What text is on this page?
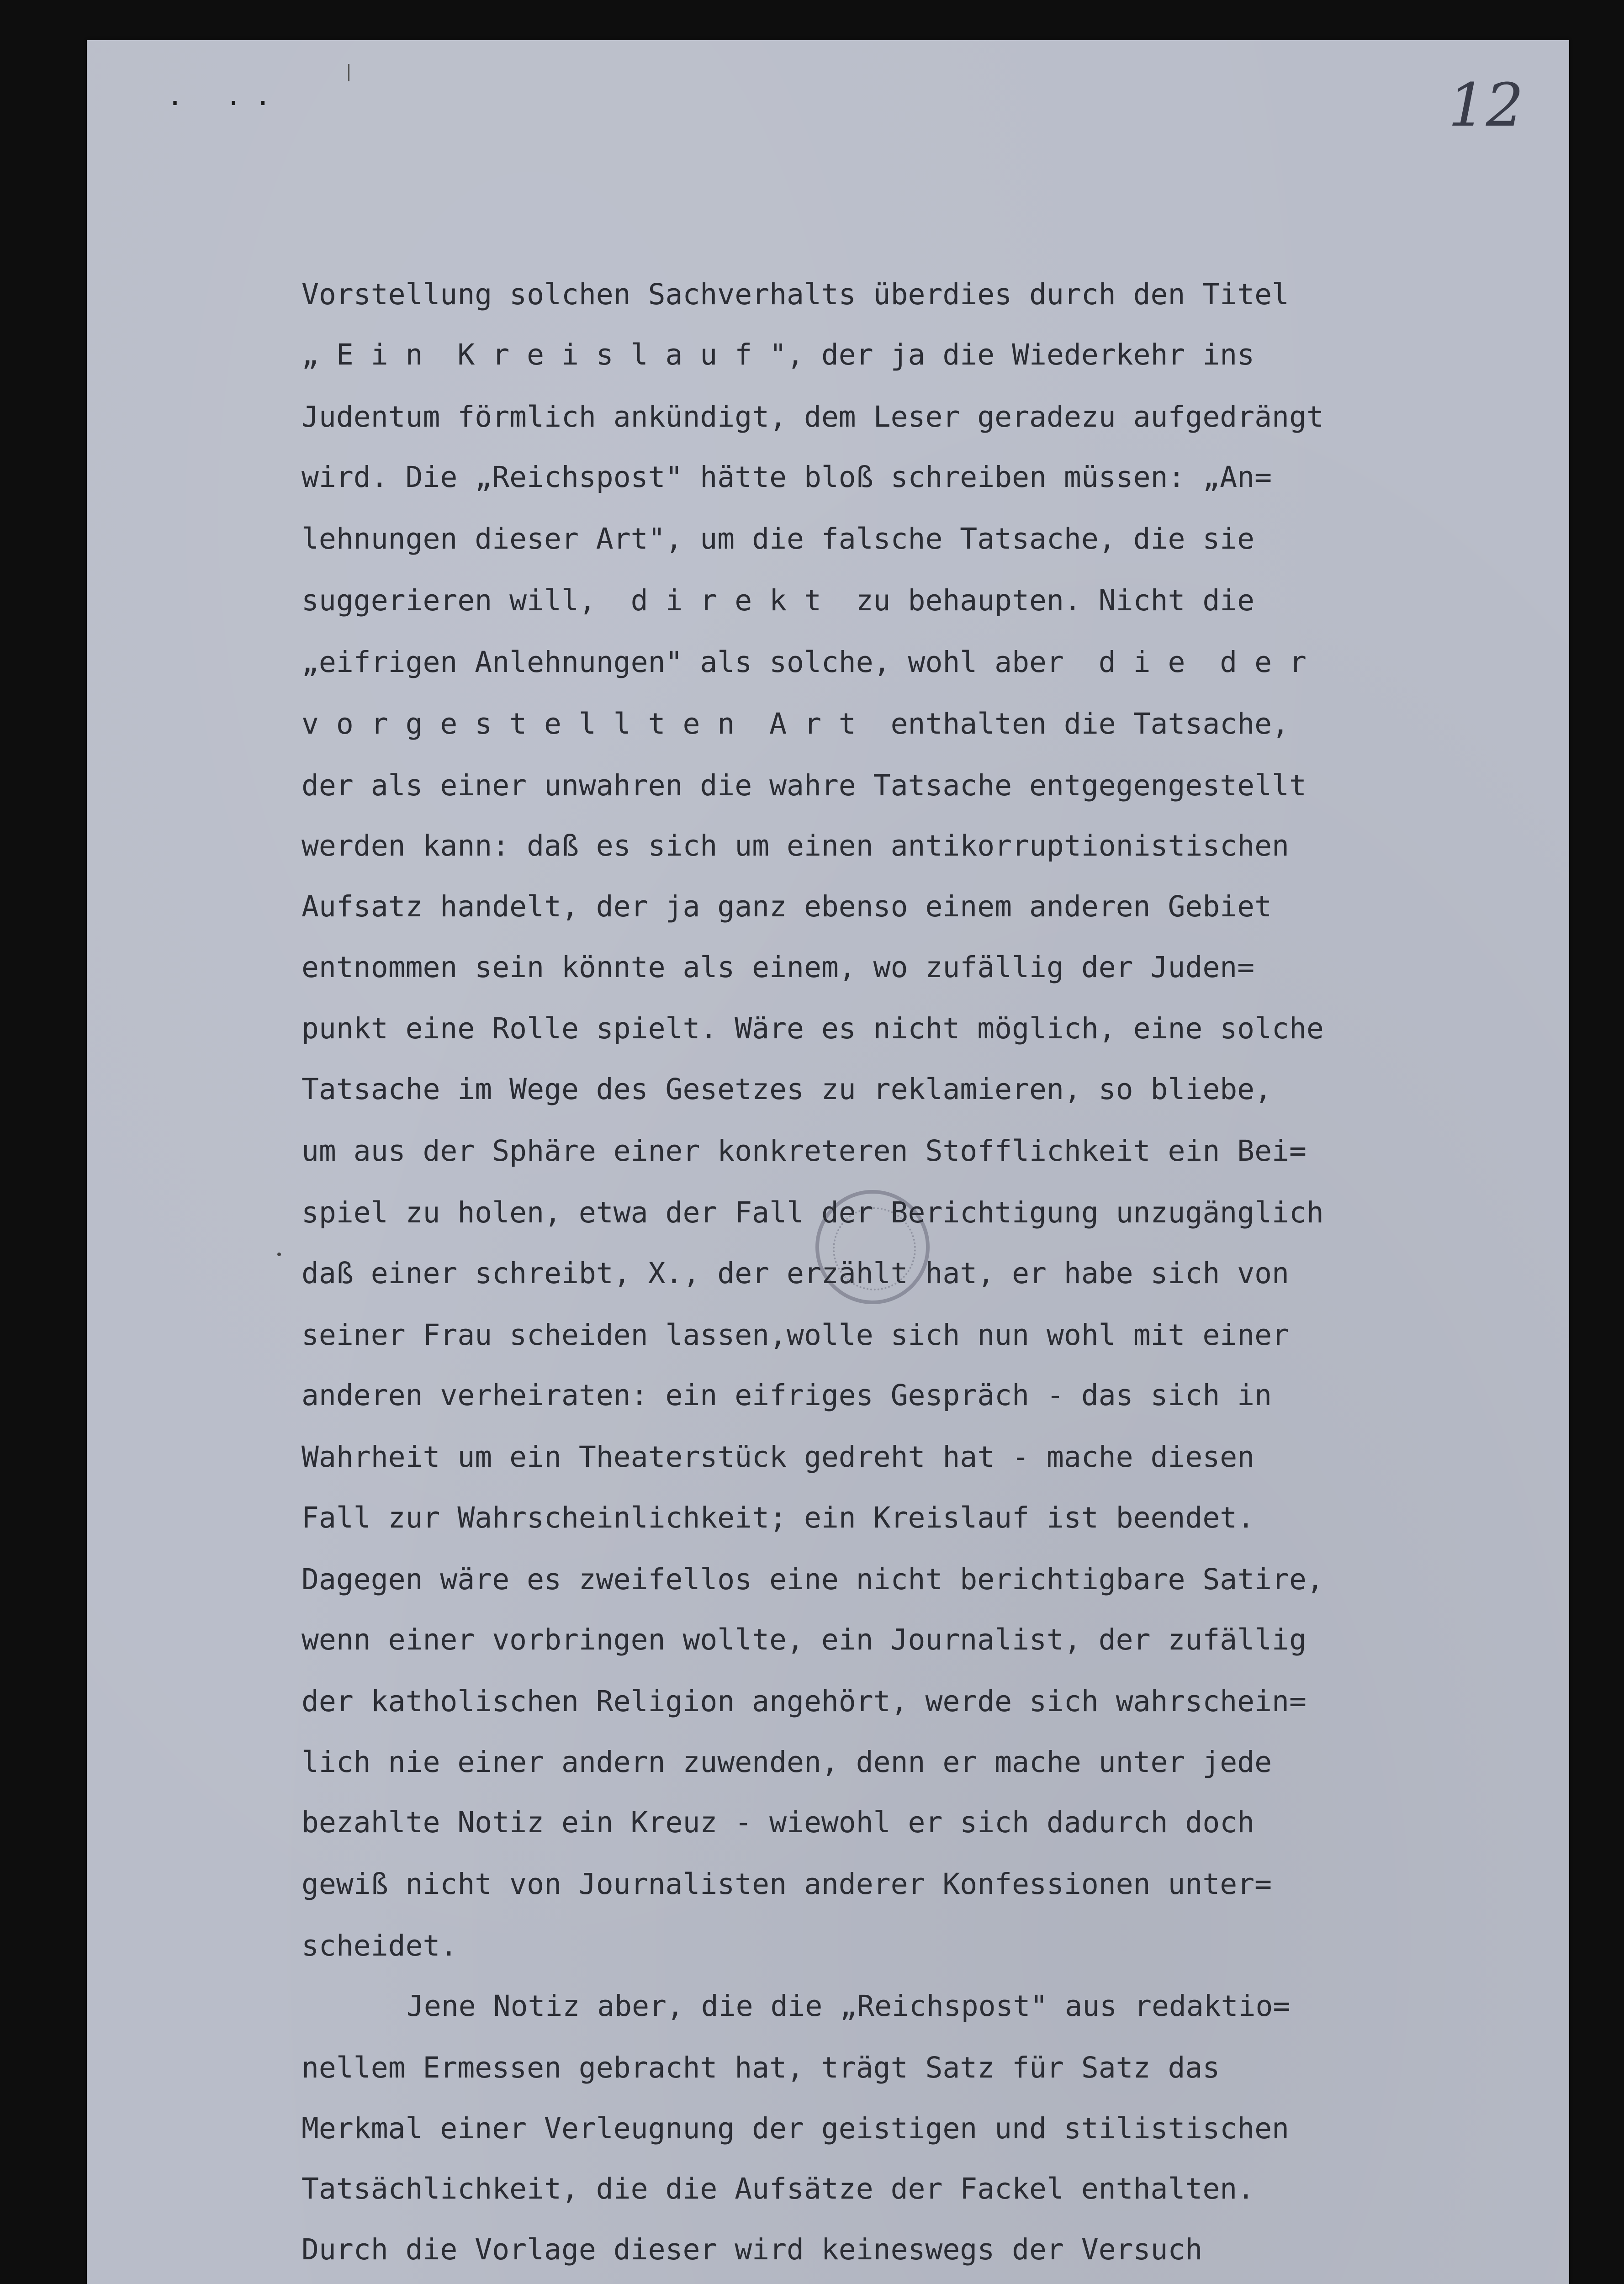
. ..	12

Vorstellung solchen Sachverhalts überdies durch den Titel

„ E i n  K r e i s l a u f ", der ja die Wiederkehr ins

Judentum förmlich ankündigt, dem Leser geradezu aufgedrängt

wird. Die „Reichspost" hätte bloß schreiben müssen: „An=

lehnungen dieser Art", um die falsche Tatsache, die sie

suggerieren will,  d i r e k t  zu behaupten. Nicht die

„eifrigen Anlehnungen" als solche, wohl aber  d i e  d e r

v o r g e s t e l l t e n  A r t  enthalten die Tatsache,

der als einer unwahren die wahre Tatsache entgegengestellt

werden kann: daß es sich um einen antikorruptionistischen

Aufsatz handelt, der ja ganz ebenso einem anderen Gebiet

entnommen sein könnte als einem, wo zufällig der Juden=

punkt eine Rolle spielt. Wäre es nicht möglich, eine solche

Tatsache im Wege des Gesetzes zu reklamieren, so bliebe,

um aus der Sphäre einer konkreteren Stofflichkeit ein Bei=

spiel zu holen, etwa der Fall der Berichtigung unzugänglich

daß einer schreibt, X., der erzählt hat, er habe sich von

seiner Frau scheiden lassen,wolle sich nun wohl mit einer

anderen verheiraten: ein eifriges Gespräch - das sich in

Wahrheit um ein Theaterstück gedreht hat - mache diesen

Fall zur Wahrscheinlichkeit; ein Kreislauf ist beendet.

Dagegen wäre es zweifellos eine nicht berichtigbare Satire,

wenn einer vorbringen wollte, ein Journalist, der zufällig

der katholischen Religion angehört, werde sich wahrschein=

lich nie einer andern zuwenden, denn er mache unter jede

bezahlte Notiz ein Kreuz - wiewohl er sich dadurch doch

gewiß nicht von Journalisten anderer Konfessionen unter=

scheidet.

Jene Notiz aber, die die „Reichspost" aus redaktio=

nellem Ermessen gebracht hat, trägt Satz für Satz das

Merkmal einer Verleugnung der geistigen und stilistischen

Tatsächlichkeit, die die Aufsätze der Fackel enthalten.

Durch die Vorlage dieser wird keineswegs der Versuch
